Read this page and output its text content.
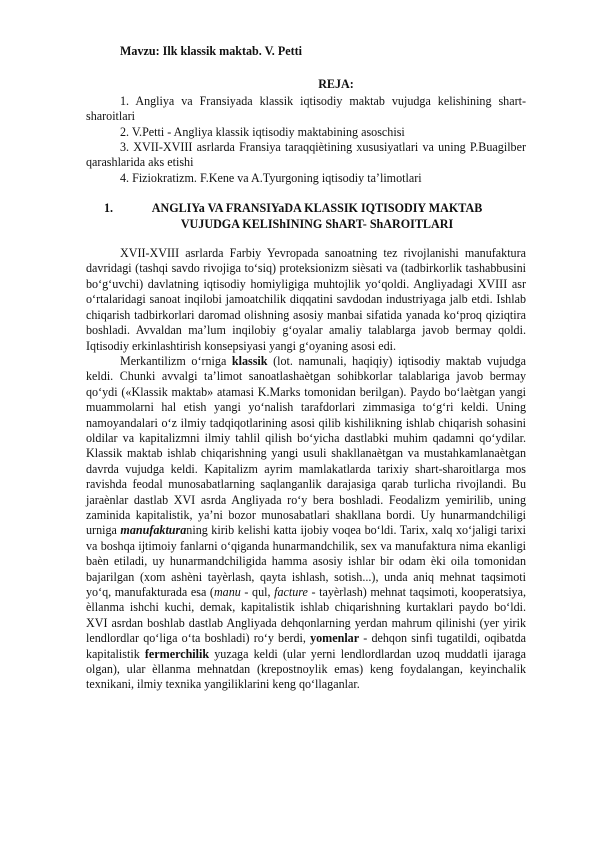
Mavzu: Ilk klassik maktab. V. Petti

REJA:

1. Angliya va Fransiyada klassik iqtisodiy maktab vujudga kelishining shart-sharoitlari

2. V.Petti - Angliya klassik iqtisodiy maktabining asoschisi

3. XVII-XVIII asrlarda Fransiya taraqqiètining xususiyatlari va uning P.Buagilber qarashlarida aks etishi

4. Fiziokratizm. F.Kene va A.Tyurgoning iqtisodiy ta’limotlari

1.	ANGLIYa VA FRANSIYaDA KLASSIK IQTISODIY MAKTAB
VUJUDGA KELIShINING ShART- ShAROITLARI

XVII-XVIII asrlarda Farbiy Yevropada sanoatning tez rivojlanishi manufaktura davridagi (tashqi savdo rivojiga to‘siq) proteksionizm sièsati va (tadbirkorlik tashabbusini bo‘g‘uvchi) davlatning iqtisodiy homiyligiga muhtojlik yo‘qoldi. Angliyadagi XVIII asr o‘rtalaridagi sanoat inqilobi jamoatchilik diqqatini savdodan industriyaga jalb etdi. Ishlab chiqarish tadbirkorlari daromad olishning asosiy manbai sifatida yanada ko‘proq qiziqtira boshladi. Avvaldan ma’lum inqilobiy g‘oyalar amaliy talablarga javob bermay qoldi. Iqtisodiy erkinlashtirish konsepsiyasi yangi g‘oyaning asosi edi.

Merkantilizm o‘rniga klassik (lot. namunali, haqiqiy) iqtisodiy maktab vujudga keldi. Chunki avvalgi ta’limot sanoatlashaètgan sohibkorlar talablariga javob bermay qo‘ydi («Klassik maktab» atamasi K.Marks tomonidan berilgan). Paydo bo‘laètgan yangi muammolarni hal etish yangi yo‘nalish tarafdorlari zimmasiga to‘g‘ri keldi. Uning namoyandalari o‘z ilmiy tadqiqotlarining asosi qilib kishilikning ishlab chiqarish sohasini oldilar va kapitalizmni ilmiy tahlil qilish bo‘yicha dastlabki muhim qadamni qo‘ydilar. Klassik maktab ishlab chiqarishning yangi usuli shakllanaètgan va mustahkamlanaètgan davrda vujudga keldi. Kapitalizm ayrim mamlakatlarda tarixiy shart-sharoitlarga mos ravishda feodal munosabatlarning saqlanganlik darajasiga qarab turlicha rivojlandi. Bu jaraènlar dastlab XVI asrda Angliyada ro‘y bera boshladi. Feodalizm yemirilib, uning zaminida kapitalistik, ya’ni bozor munosabatlari shakllana bordi. Uy hunarmandchiligi urniga manufakturaning kirib kelishi katta ijobiy voqea bo‘ldi. Tarix, xalq xo‘jaligi tarixi va boshqa ijtimoiy fanlarni o‘qiganda hunarmandchilik, sex va manufaktura nima ekanligi baèn etiladi, uy hunarmandchiligida hamma asosiy ishlar bir odam èki oila tomonidan bajarilgan (xom ashèni tayèrlash, qayta ishlash, sotish...), unda aniq mehnat taqsimoti yo‘q, manufakturada esa (manu - qul, facture - tayèrlash) mehnat taqsimoti, kooperatsiya, èllanma ishchi kuchi, demak, kapitalistik ishlab chiqarishning kurtaklari paydo bo‘ldi. XVI asrdan boshlab dastlab Angliyada dehqonlarning yerdan mahrum qilinishi (yer yirik lendlordlar qo‘liga o‘ta boshladi) ro‘y berdi, yomenlar - dehqon sinfi tugatildi, oqibatda kapitalistik fermerchilik yuzaga keldi (ular yerni lendlordlardan uzoq muddatli ijaraga olgan), ular èllanma mehnatdan (krepostnoylik emas) keng foydalangan, keyinchalik texnikani, ilmiy texnika yangiliklarini keng qo‘llaganlar.
